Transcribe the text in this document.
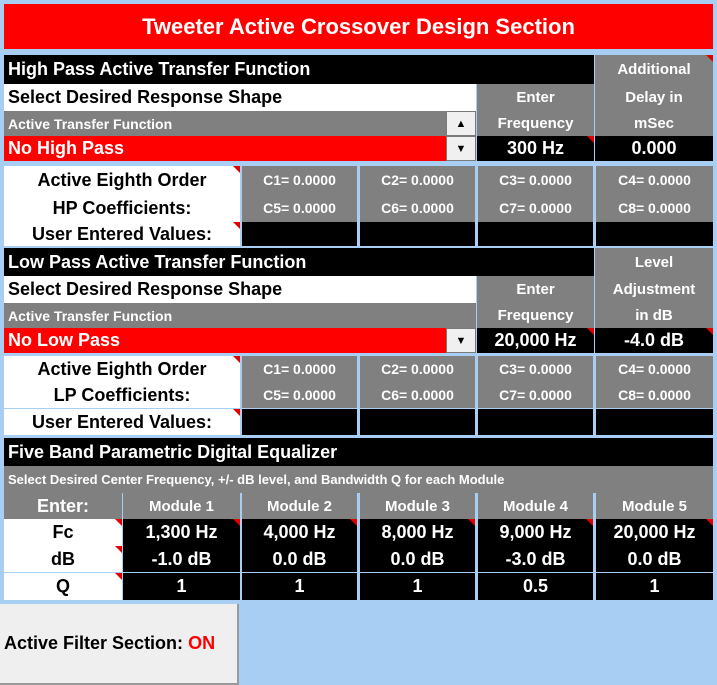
Tweeter Active Crossover Design Section
High Pass Active Transfer Function
Select Desired Response Shape
Active Transfer Function	▲
No High Pass	▼
Enter
Frequency
300 Hz
Additional
Delay in
mSec
0.000
Active Eighth Order
HP Coefficients:
C1= 0.0000	C2= 0.0000	C3= 0.0000	C4= 0.0000
C5= 0.0000	C6= 0.0000	C7= 0.0000	C8= 0.0000
User Entered Values:
Low Pass Active Transfer Function
Select Desired Response Shape
Active Transfer Function
No Low Pass	▼
Enter
Frequency
20,000 Hz
Level
Adjustment
in dB
-4.0 dB
Active Eighth Order
LP Coefficients:
C1= 0.0000	C2= 0.0000	C3= 0.0000	C4= 0.0000
C5= 0.0000	C6= 0.0000	C7= 0.0000	C8= 0.0000
User Entered Values:
Five Band Parametric Digital Equalizer
Select Desired Center Frequency, +/- dB level, and Bandwidth Q for each Module
Enter:	Module 1	Module 2	Module 3	Module 4	Module 5
Fc	1,300 Hz	4,000 Hz	8,000 Hz	9,000 Hz	20,000 Hz
dB	-1.0 dB	0.0 dB	0.0 dB	-3.0 dB	0.0 dB
Q	1	1	1	0.5	1
Active Filter Section:
ON
